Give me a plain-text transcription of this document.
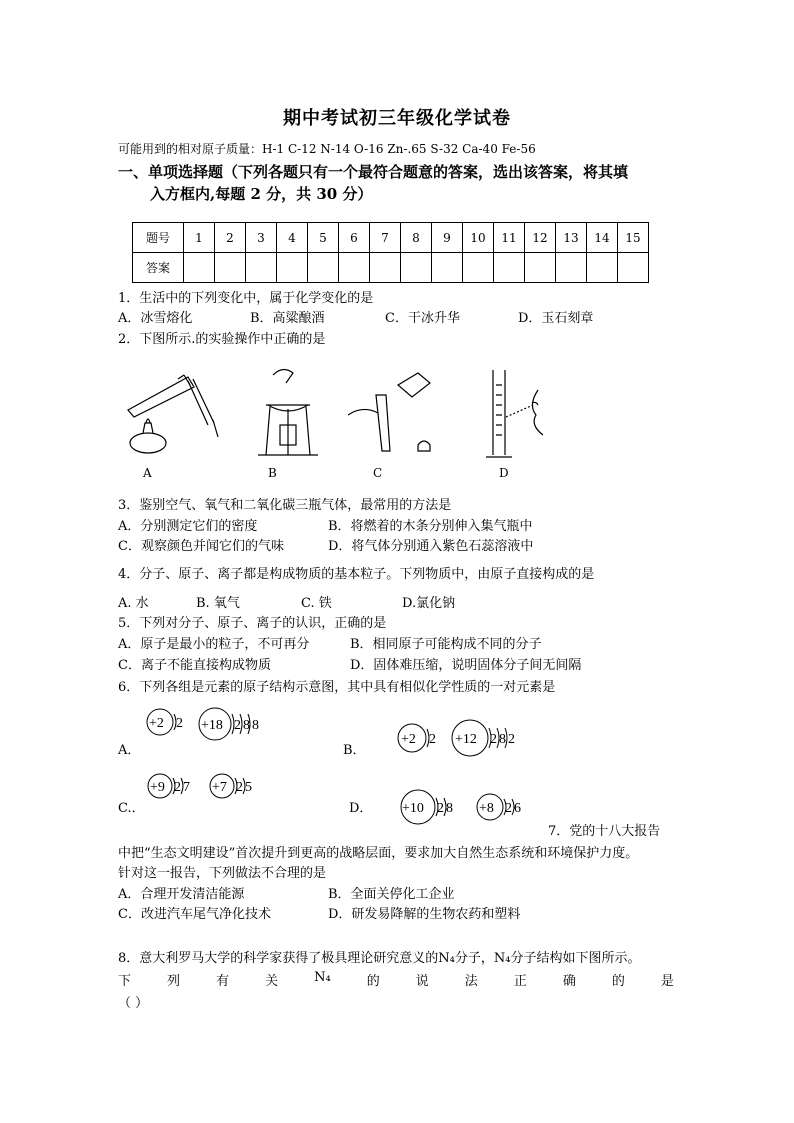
期中考试初三年级化学试卷
可能用到的相对原子质量：H-1 C-12 N-14 O-16 Zn-.65 S-32 Ca-40 Fe-56
一、单项选择题（下列各题只有一个最符合题意的答案，选出该答案，将其填
入方框内,每题 2 分，共 30 分）
题号	1	2	3	4	5	6	7	8	9	10	11	12	13	14	15
答案															
1．生活中的下列变化中，属于化学变化的是
A．冰雪熔化	B．高粱酿酒	C．干冰升华	D．玉石刻章
2．下图所示.的实验操作中正确的是
A	B	C	D
3．鉴别空气、氧气和二氧化碳三瓶气体，最常用的方法是
A．分别测定它们的密度	B．将燃着的木条分别伸入集气瓶中
C．观察颜色并闻它们的气味	D．将气体分别通入紫色石蕊溶液中
4．分子、原子、离子都是构成物质的基本粒子。下列物质中，由原子直接构成的是
A. 水	B. 氧气	C. 铁	D.氯化钠
5．下列对分子、原子、离子的认识，正确的是
A．原子是最小的粒子，不可再分	B．相同原子可能构成不同的分子
C．离子不能直接构成物质	D．固体难压缩，说明固体分子间无间隔
6．下列各组是元素的原子结构示意图，其中具有相似化学性质的一对元素是
A．	B．
C.．	D．
+2 2 +18 288
+2 2 +12 282
+9 27 +7 25
+10 28 +8 26
7．党的十八大报告
中把“生态文明建设”首次提升到更高的战略层面，要求加大自然生态系统和环境保护力度。
针对这一报告，下列做法不合理的是
A．合理开发清洁能源	B．全面关停化工企业
C．改进汽车尾气净化技术	D．研发易降解的生物农药和塑料
8．意大利罗马大学的科学家获得了极具理论研究意义的N₄分子，N₄分子结构如下图所示。
下	列	有	关	N₄	的	说	法	正	确	的	是
（ ）
